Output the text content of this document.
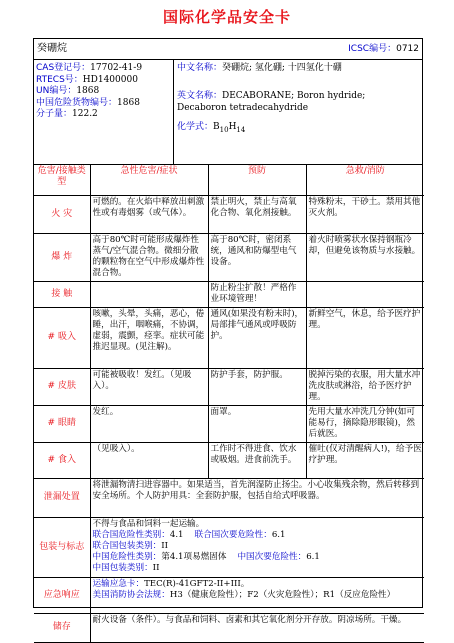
国际化学品安全卡
癸硼烷	ICSC编号：0712
CAS登记号：17702-41-9
RTECS号：HD1400000
UN编号：1868
中国危险货物编号：1868
分子量：122.2
中文名称：癸硼烷; 氢化硼; 十四氢化十硼
英文名称：DECABORANE; Boron hydride;
Decaboron tetradecahydride
化学式：$B_{10}H_{14}$
危害/接触类型	急性危害/症状	预防	急救/消防
火 灾	可燃的。在火焰中释放出刺激性或有毒烟雾（或气体）。	禁止明火，禁止与高氧化合物、氧化剂接触。	特殊粉末，干砂土。禁用其他灭火剂。
爆 炸	高于80℃时可能形成爆炸性蒸气/空气混合物。微细分散的颗粒物在空气中形成爆炸性混合物。	高于80℃时，密闭系统，通风和防爆型电气设备。	着火时喷雾状水保持钢瓶冷却，但避免该物质与水接触。
接 触		防止粉尘扩散！严格作业环境管理！	
# 吸入	咳嗽，头晕，头痛，恶心，倦睡，出汗，咽喉痛，不协调，虚弱，震颤，痉挛。症状可能推迟显现。(见注解)。	通风(如果没有粉末时)，局部排气通风或呼吸防护。	新鲜空气，休息，给予医疗护理。
# 皮肤	可能被吸收！发红。（见吸入）。	防护手套，防护服。	脱掉污染的衣服，用大量水冲洗皮肤或淋浴，给予医疗护理。
# 眼睛	发红。	面罩。	先用大量水冲洗几分钟(如可能易行，摘除隐形眼镜)，然后就医。
# 食入	（见吸入）。	工作时不得进食、饮水或吸烟。进食前洗手。	催吐(仅对清醒病人!)，给予医疗护理。
泄漏处置	将泄漏物清扫进容器中。如果适当，首先润湿防止扬尘。小心收集残余物，然后转移到安全场所。个人防护用具：全套防护服，包括自给式呼吸器。		
包装与标志	不得与食品和饲料一起运输。
联合国危险性类别：4.1 联合国次要危险性：6.1
联合国包装类别：II
中国危险性类别：第4.1项易燃固体 中国次要危险性：6.1
中国包装类别：II		

应急响应	运输应急卡：TEC(R)-41GFT2-II+III。
美国消防协会法规：H3（健康危险性）；F2（火灾危险性）；R1（反应危险性）		

储存	耐火设备（条件）。与食品和饲料、卤素和其它氧化剂分开存放。阴凉场所。干燥。		
